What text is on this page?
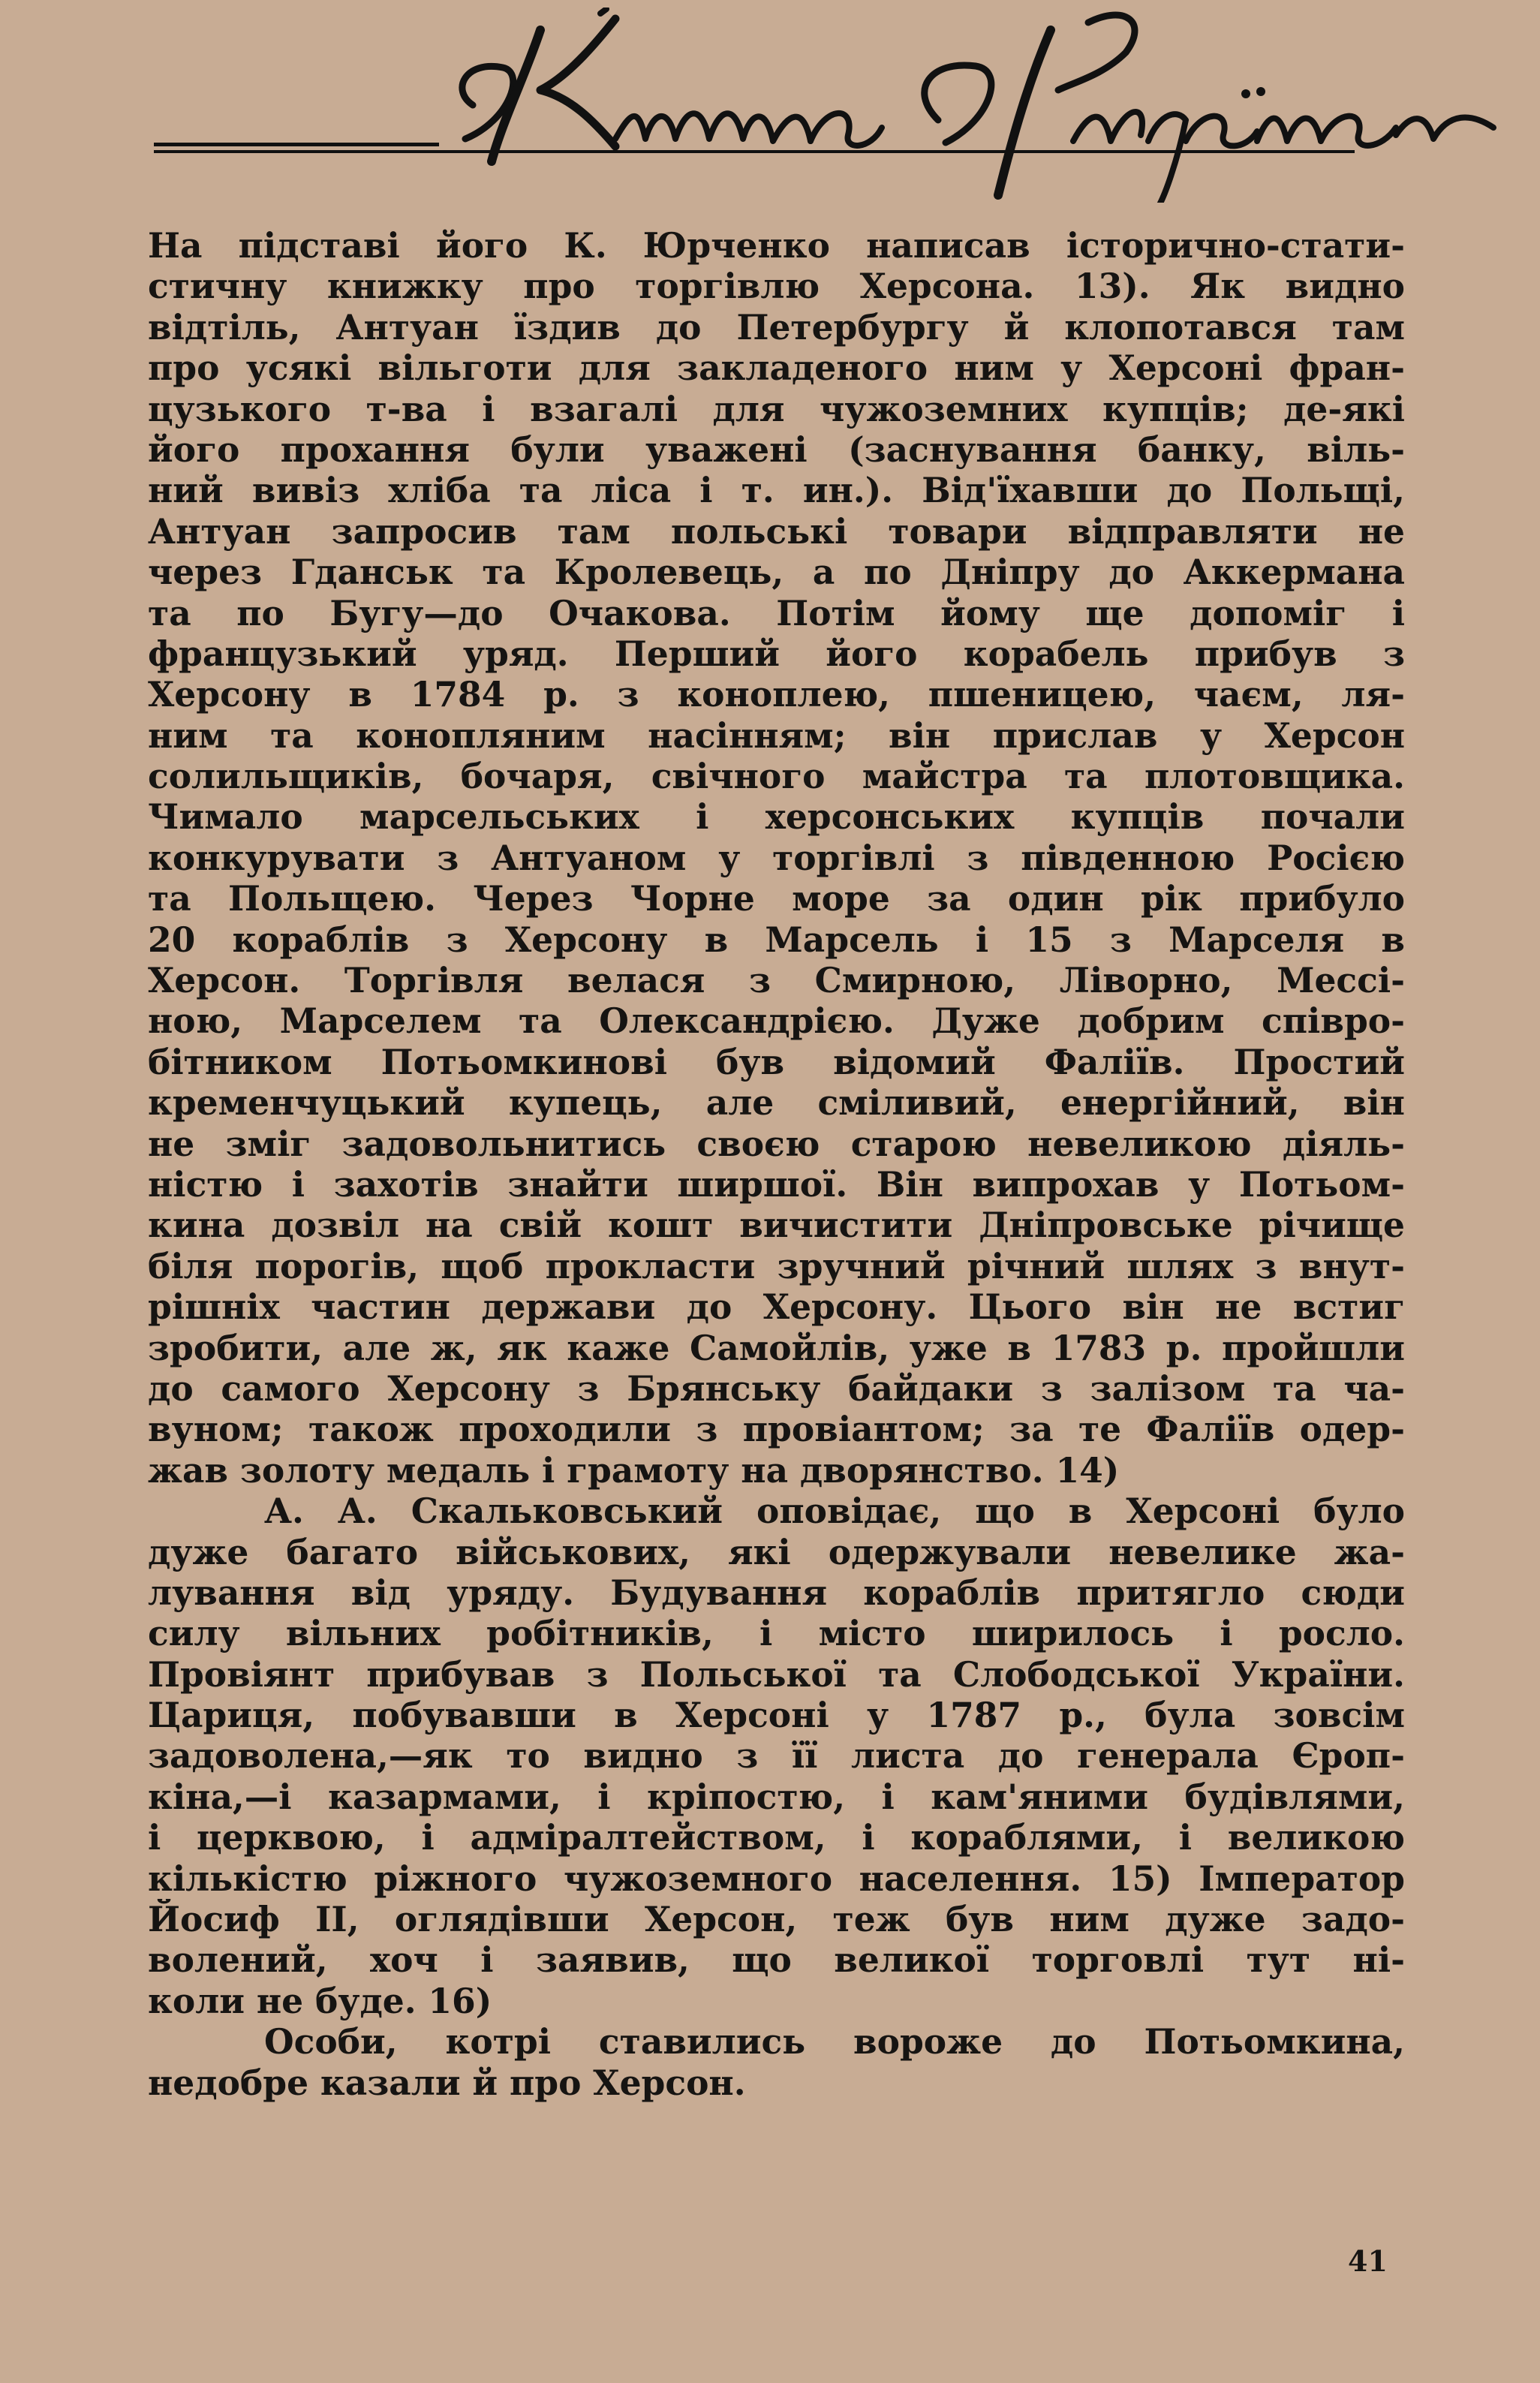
На підставі його К. Юрченко написав історично-стати-
стичну книжку про торгівлю Херсона. 13). Як видно
відтіль, Антуан їздив до Петербургу й клопотався там
про усякі вільготи для закладеного ним у Херсоні фран-
цузького т-ва і взагалі для чужоземних купців; де-які
його прохання були уважені (заснування банку, віль-
ний вивіз хліба та ліса і т. ин.). Від'їхавши до Польщі,
Антуан запросив там польські товари відправляти не
через Гданськ та Кролевець, а по Дніпру до Аккермана
та по Бугу—до Очакова. Потім йому ще допоміг і
французький уряд. Перший його корабель прибув з
Херсону в 1784 р. з коноплею, пшеницею, чаєм, ля-
ним та конопляним насінням; він прислав у Херсон
солильщиків, бочаря, свічного майстра та плотовщика.
Чимало марсельських і херсонських купців почали
конкурувати з Антуаном у торгівлі з південною Росією
та Польщею. Через Чорне море за один рік прибуло
20 кораблів з Херсону в Марсель і 15 з Марселя в
Херсон. Торгівля велася з Смирною, Ліворно, Мессі-
ною, Марселем та Олександрією. Дуже добрим співро-
бітником Потьомкинові був відомий Фаліїв. Простий
кременчуцький купець, але сміливий, енергійний, він
не зміг задовольнитись своєю старою невеликою діяль-
ністю і захотів знайти ширшої. Він випрохав у Потьом-
кина дозвіл на свій кошт вичистити Дніпровське річище
біля порогів, щоб прокласти зручний річний шлях з внут-
рішніх частин держави до Херсону. Цього він не встиг
зробити, але ж, як каже Самойлів, уже в 1783 р. пройшли
до самого Херсону з Брянську байдаки з залізом та ча-
вуном; також проходили з провіантом; за те Фаліїв одер-
жав золоту медаль і грамоту на дворянство. 14)
А. А. Скальковський оповідає, що в Херсоні було
дуже багато військових, які одержували невелике жа-
лування від уряду. Будування кораблів притягло сюди
силу вільних робітників, і місто ширилось і росло.
Провіянт прибував з Польської та Слободської України.
Цариця, побувавши в Херсоні у 1787 р., була зовсім
задоволена,—як то видно з її листа до генерала Єроп-
кіна,—і казармами, і кріпостю, і кам'яними будівлями,
і церквою, і адміралтейством, і кораблями, і великою
кількістю ріжного чужоземного населення. 15) Імператор
Йосиф II, оглядівши Херсон, теж був ним дуже задо-
волений, хоч і заявив, що великої торговлі тут ні-
коли не буде. 16)
Особи, котрі ставились вороже до Потьомкина,
недобре казали й про Херсон.
41
